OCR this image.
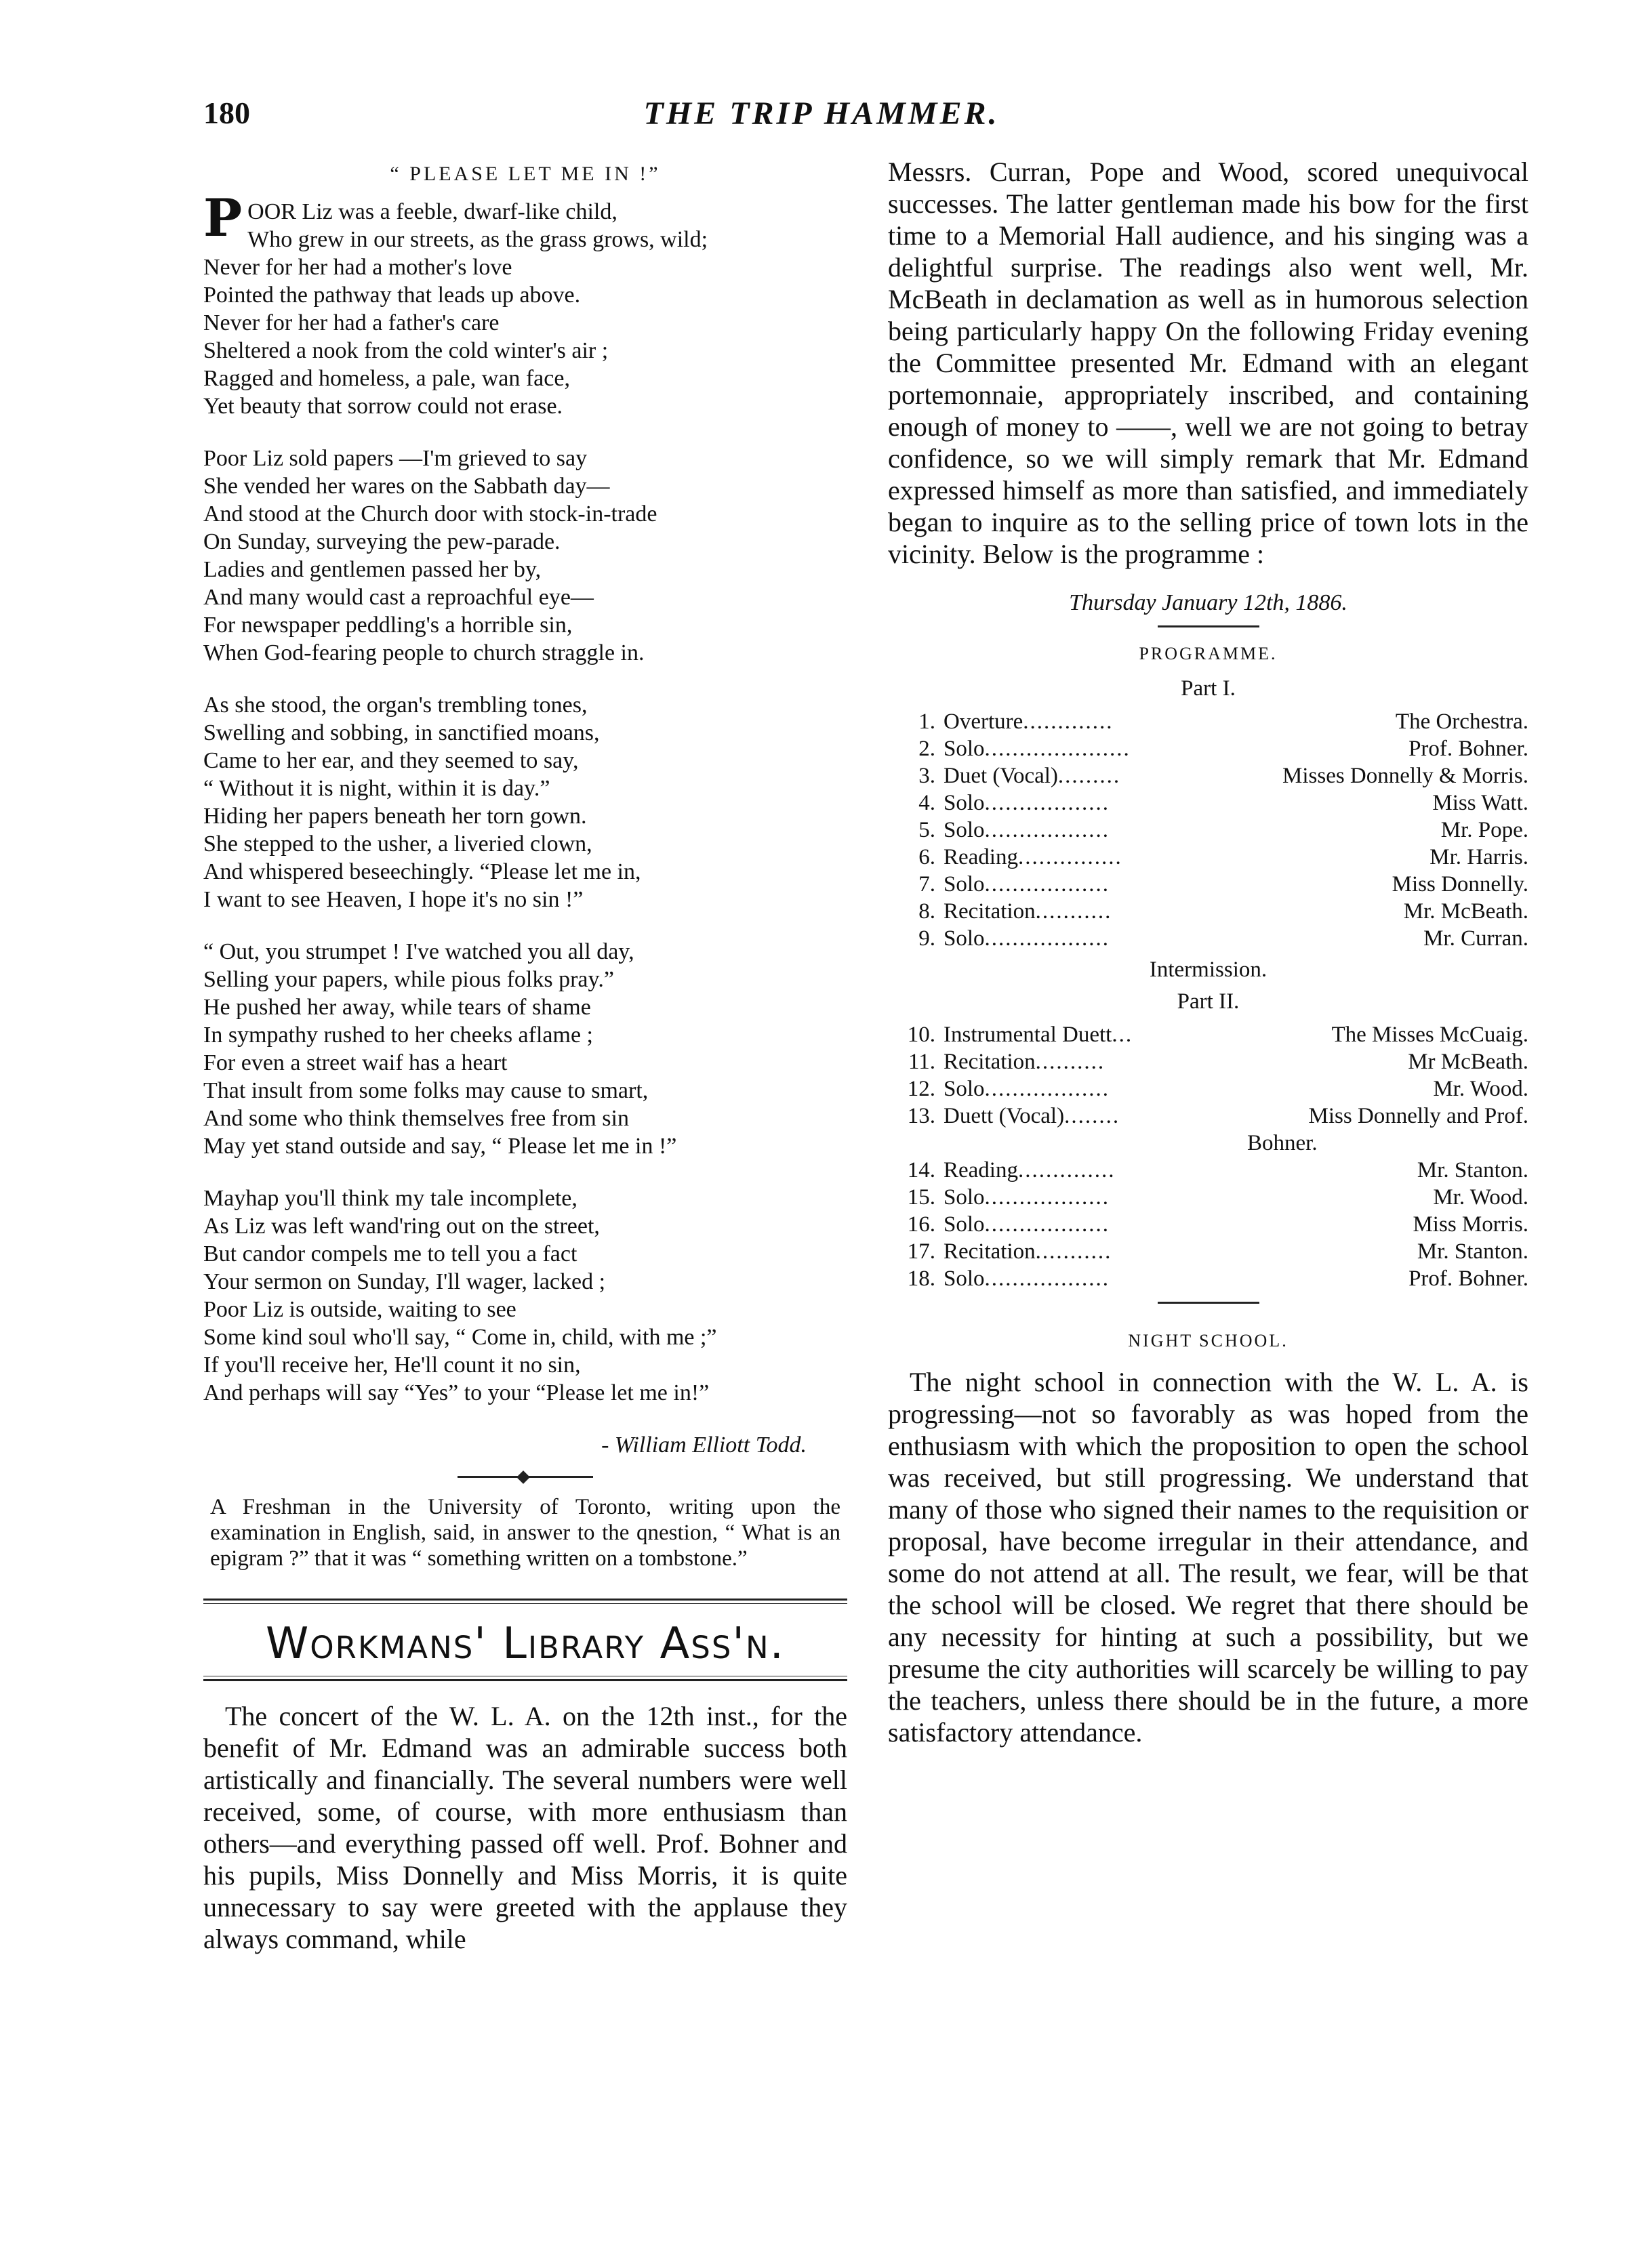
180	THE TRIP HAMMER.
“ PLEASE LET ME IN !”
POOR Liz was a feeble, dwarf-like child,
Who grew in our streets, as the grass grows, wild;
Never for her had a mother's love
Pointed the pathway that leads up above.
Never for her had a father's care
Sheltered a nook from the cold winter's air ;
Ragged and homeless, a pale, wan face,
Yet beauty that sorrow could not erase.
Poor Liz sold papers —I'm grieved to say
She vended her wares on the Sabbath day—
And stood at the Church door with stock-in-trade
On Sunday, surveying the pew-parade.
Ladies and gentlemen passed her by,
And many would cast a reproachful eye—
For newspaper peddling's a horrible sin,
When God-fearing people to church straggle in.
As she stood, the organ's trembling tones,
Swelling and sobbing, in sanctified moans,
Came to her ear, and they seemed to say,
“ Without it is night, within it is day.”
Hiding her papers beneath her torn gown.
She stepped to the usher, a liveried clown,
And whispered beseechingly. “Please let me in,
I want to see Heaven, I hope it's no sin !”
“ Out, you strumpet ! I've watched you all day,
Selling your papers, while pious folks pray.”
He pushed her away, while tears of shame
In sympathy rushed to her cheeks aflame ;
For even a street waif has a heart
That insult from some folks may cause to smart,
And some who think themselves free from sin
May yet stand outside and say, “ Please let me in !”
Mayhap you'll think my tale incomplete,
As Liz was left wand'ring out on the street,
But candor compels me to tell you a fact
Your sermon on Sunday, I'll wager, lacked ;
Poor Liz is outside, waiting to see
Some kind soul who'll say, “ Come in, child, with me ;”
If you'll receive her, He'll count it no sin,
And perhaps will say “Yes” to your “Please let me in!”
- William Elliott Todd.
A Freshman in the University of Toronto, writing upon the examination in English, said, in answer to the qnestion, “ What is an epigram ?” that it was “ something written on a tombstone.”
Workmans' Library Ass'n.

The concert of the W. L. A. on the 12th inst., for the benefit of Mr. Edmand was an admirable success both artistically and financially. The several numbers were well received, some, of course, with more enthusiasm than others—and everything passed off well. Prof. Bohner and his pupils, Miss Donnelly and Miss Morris, it is quite unnecessary to say were greeted with the applause they always command, while

Messrs. Curran, Pope and Wood, scored unequivocal successes. The latter gentleman made his bow for the first time to a Memorial Hall audience, and his singing was a delightful surprise. The readings also went well, Mr. McBeath in declamation as well as in humorous selection being particularly happy On the following Friday evening the Committee presented Mr. Edmand with an elegant portemonnaie, appropriately inscribed, and containing enough of money to ——, well we are not going to betray confidence, so we will simply remark that Mr. Edmand expressed himself as more than satisfied, and immediately began to inquire as to the selling price of town lots in the vicinity. Below is the programme :

Thursday January 12th, 1886.
PROGRAMME.
Part I.
1. Overture .............	The Orchestra.
2. Solo .....................	Prof. Bohner.
3. Duet (Vocal) .........	Misses Donnelly & Morris.
4. Solo ..................	Miss Watt.
5. Solo ..................	Mr. Pope.
6. Reading ...............	Mr. Harris.
7. Solo ..................	Miss Donnelly.
8. Recitation ...........	Mr. McBeath.
9. Solo ..................	Mr. Curran.
Intermission.
Part II.
10. Instrumental Duett ...	The Misses McCuaig.
11. Recitation ..........	Mr McBeath.
12. Solo ..................	Mr. Wood.
13. Duett (Vocal) ........	Miss Donnelly and Prof.
Bohner.
14. Reading ..............	Mr. Stanton.
15. Solo ..................	Mr. Wood.
16. Solo ..................	Miss Morris.
17. Recitation ...........	Mr. Stanton.
18. Solo ..................	Prof. Bohner.
NIGHT SCHOOL.

The night school in connection with the W. L. A. is progressing—not so favorably as was hoped from the enthusiasm with which the proposition to open the school was received, but still progressing. We understand that many of those who signed their names to the requisition or proposal, have become irregular in their attendance, and some do not attend at all. The result, we fear, will be that the school will be closed. We regret that there should be any necessity for hinting at such a possibility, but we presume the city authorities will scarcely be willing to pay the teachers, unless there should be in the future, a more satisfactory attendance.
